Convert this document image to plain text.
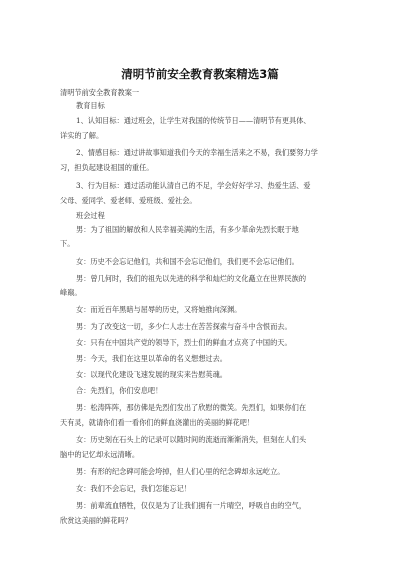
清明节前安全教育教案精选3篇
清明节前安全教育教案一
教育目标
1、认知目标：通过班会，让学生对我国的传统节日——清明节有更具体、
详实的了解。
2、情感目标：通过讲故事知道我们今天的幸福生活来之不易，我们要努力学
习，担负起建设祖国的重任。
3、行为目标：通过活动能认清自己的不足，学会好好学习、热爱生活、爱
父母、爱同学、爱老师、爱班级、爱社会。
班会过程
男：为了祖国的解放和人民幸福美满的生活，有多少革命先烈长眠于地
下。
女：历史不会忘记他们，共和国不会忘记他们，我们更不会忘记他们。
男：曾几何时，我们的祖先以先进的科学和灿烂的文化矗立在世界民族的
峰巅。
女：而近百年黑暗与屈辱的历史，又将她推向深渊。
男：为了改变这一切，多少仁人志士在苦苦探索与奋斗中含恨而去。
女：只有在中国共产党的领导下，烈士们的鲜血才点亮了中国的天。
男：今天，我们在这里以革命的名义想想过去。
女：以现代化建设飞速发展的现实来告慰英魂。
合：先烈们，你们安息吧！
男：松涛阵阵，那仿佛是先烈们发出了欣慰的微笑。先烈们，如果你们在
天有灵，就请你们看一看你们的鲜血浇灌出的美丽的鲜花吧！
女：历史刻在石头上的记录可以随时间的流逝而渐渐消失，但刻在人们头
脑中的记忆却永远清晰。
男：有形的纪念碑可能会垮掉，但人们心里的纪念碑却永远屹立。
女：我们不会忘记，我们怎能忘记！
男：前辈流血牺牲，仅仅是为了让我们拥有一片晴空，呼吸自由的空气，
欣赏这美丽的鲜花吗？
